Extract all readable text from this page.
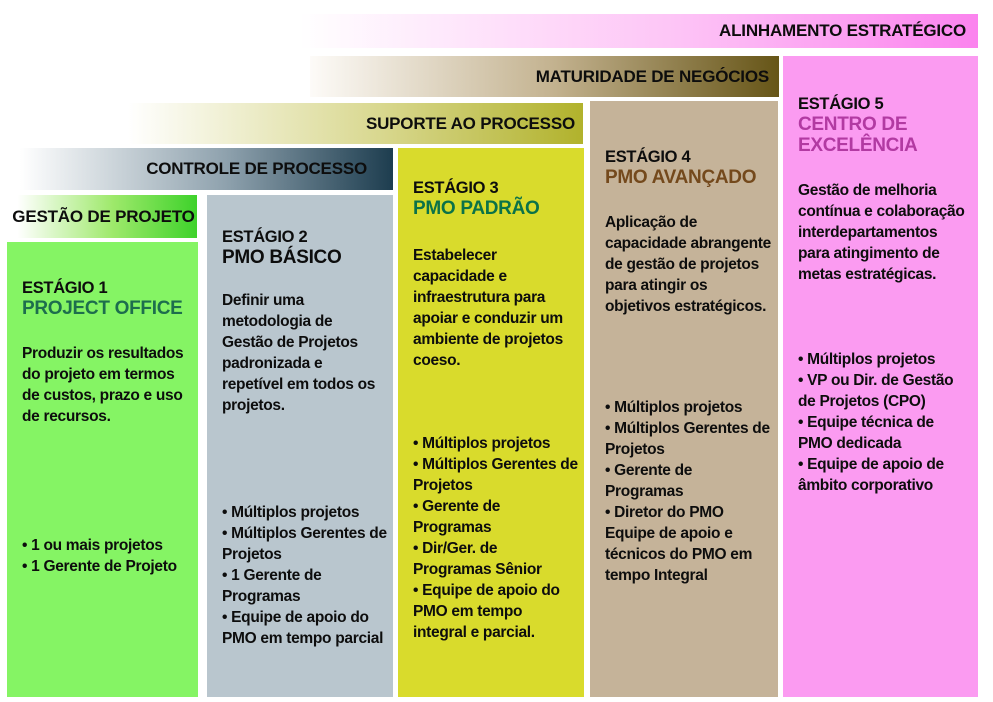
ALINHAMENTO ESTRATÉGICO
MATURIDADE DE NEGÓCIOS
SUPORTE AO PROCESSO
CONTROLE DE PROCESSO
GESTÃO DE PROJETO
ESTÁGIO 1
PROJECT OFFICE

Produzir os resultados do projeto em termos de custos, prazo e uso de recursos.

• 1 ou mais projetos
• 1 Gerente de Projeto
ESTÁGIO 2
PMO BÁSICO

Definir uma metodologia de Gestão de Projetos padronizada e repetível em todos os projetos.

• Múltiplos projetos
• Múltiplos Gerentes de Projetos
• 1 Gerente de Programas
• Equipe de apoio do PMO em tempo parcial
ESTÁGIO 3
PMO PADRÃO

Estabelecer capacidade e infraestrutura para apoiar e conduzir um ambiente de projetos coeso.

• Múltiplos projetos
• Múltiplos Gerentes de Projetos
• Gerente de Programas
• Dir/Ger. de Programas Sênior
• Equipe de apoio do PMO em tempo integral e parcial.
ESTÁGIO 4
PMO AVANÇADO

Aplicação de capacidade abrangente de gestão de projetos para atingir os objetivos estratégicos.

• Múltiplos projetos
• Múltiplos Gerentes de Projetos
• Gerente de Programas
• Diretor do PMO
Equipe de apoio e técnicos do PMO em tempo Integral
ESTÁGIO 5
CENTRO DE EXCELÊNCIA

Gestão de melhoria contínua e colaboração interdepartamentos para atingimento de metas estratégicas.

• Múltiplos projetos
• VP ou Dir. de Gestão de Projetos (CPO)
• Equipe técnica de PMO dedicada
• Equipe de apoio de âmbito corporativo
